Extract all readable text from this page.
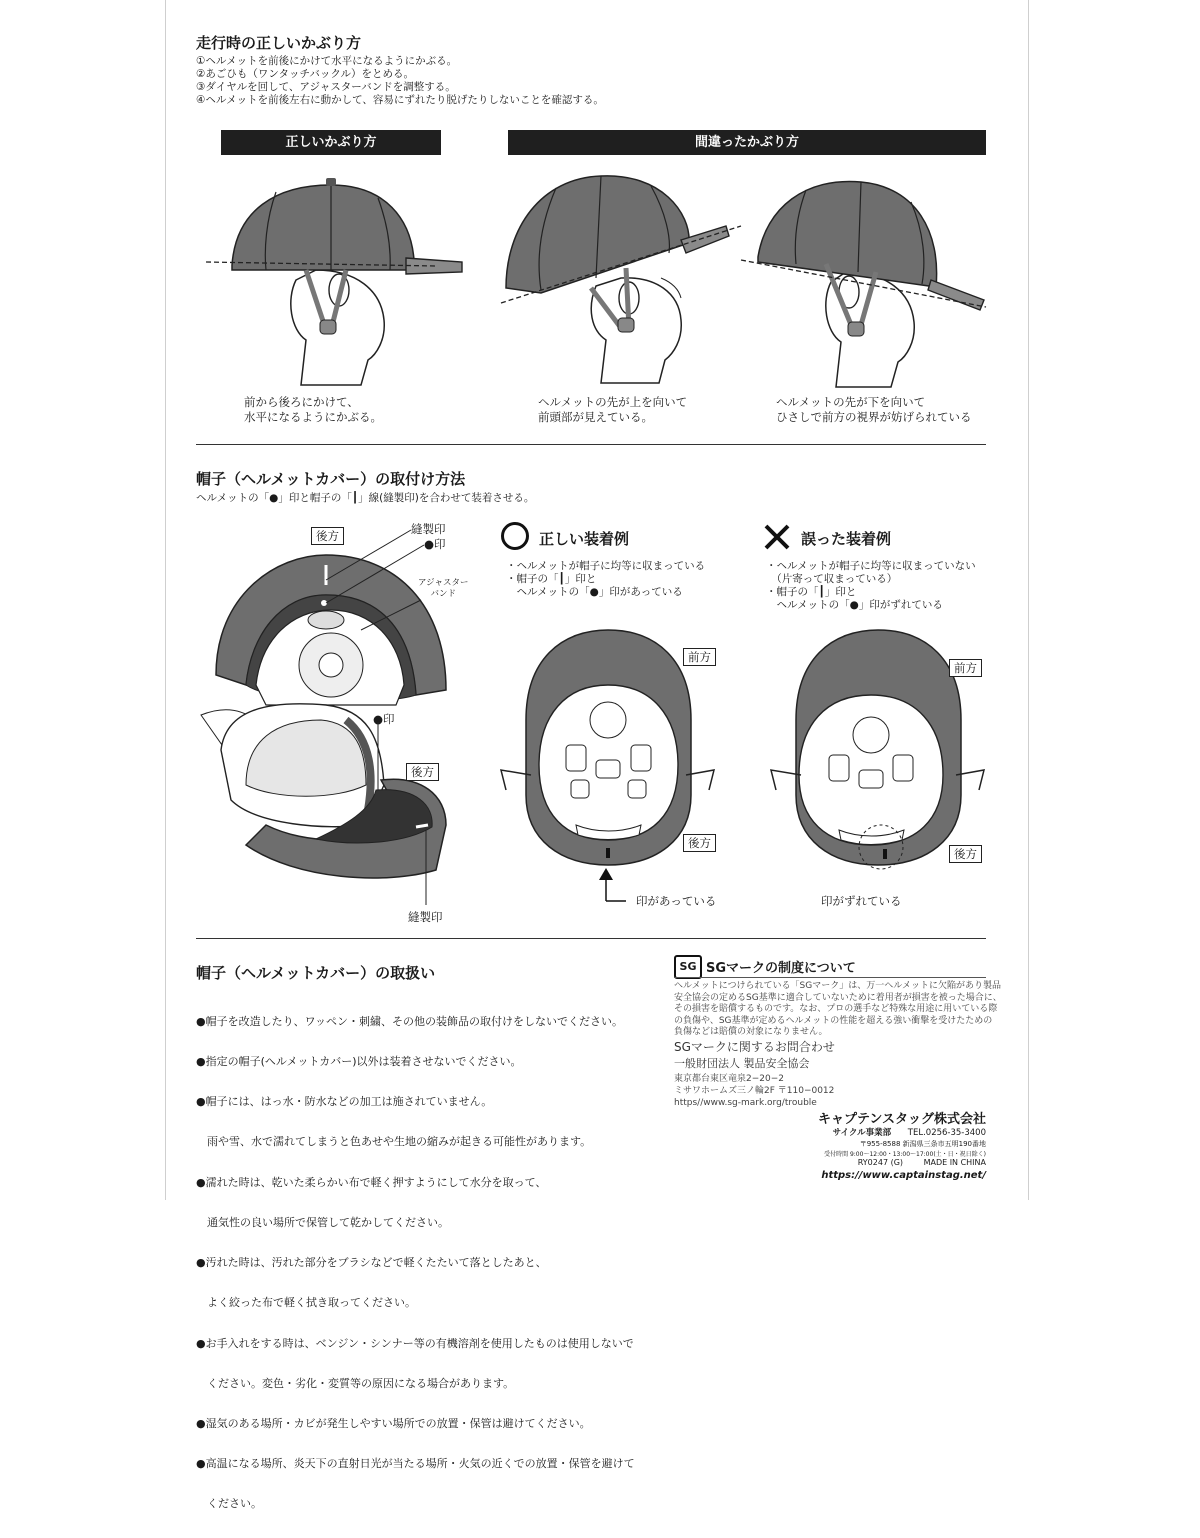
走行時の正しいかぶり方
①ヘルメットを前後にかけて水平になるようにかぶる。
②あごひも（ワンタッチバックル）をとめる。
③ダイヤルを回して、アジャスターバンドを調整する。
④ヘルメットを前後左右に動かして、容易にずれたり脱げたりしないことを確認する。
正しいかぶり方	間違ったかぶり方
前から後ろにかけて、
水平になるようにかぶる。
ヘルメットの先が上を向いて
前頭部が見えている。
ヘルメットの先が下を向いて
ひさしで前方の視界が妨げられている
帽子（ヘルメットカバー）の取付け方法
ヘルメットの「●」印と帽子の「┃」線(縫製印)を合わせて装着させる。
後方	縫製印
●印
アジャスター
バンド
●印
後方
縫製印
正しい装着例
・ヘルメットが帽子に均等に収まっている
・帽子の「┃」印と
　ヘルメットの「●」印があっている
前方
後方
印があっている
誤った装着例
・ヘルメットが帽子に均等に収まっていない
　（片寄って収まっている）
・帽子の「┃」印と
　ヘルメットの「●」印がずれている
前方
後方
印がずれている
帽子（ヘルメットカバー）の取扱い

●帽子を改造したり、ワッペン・刺繍、その他の装飾品の取付けをしないでください。

●指定の帽子(ヘルメットカバー)以外は装着させないでください。

●帽子には、はっ水・防水などの加工は施されていません。

　雨や雪、水で濡れてしまうと色あせや生地の縮みが起きる可能性があります。

●濡れた時は、乾いた柔らかい布で軽く押すようにして水分を取って、

　通気性の良い場所で保管して乾かしてください。

●汚れた時は、汚れた部分をブラシなどで軽くたたいて落としたあと、

　よく絞った布で軽く拭き取ってください。

●お手入れをする時は、ベンジン・シンナー等の有機溶剤を使用したものは使用しないで

　ください。変色・劣化・変質等の原因になる場合があります。

●湿気のある場所・カビが発生しやすい場所での放置・保管は避けてください。

●高温になる場所、炎天下の直射日光が当たる場所・火気の近くでの放置・保管を避けて

　ください。

SG SGマークの制度について
ヘルメットにつけられている「SGマーク」は、万一ヘルメットに欠陥があり製品
安全協会の定めるSG基準に適合していないために着用者が損害を被った場合に、
その損害を賠償するものです。なお、プロの選手など特殊な用途に用いている際
の負傷や、SG基準が定めるヘルメットの性能を超える強い衝撃を受けたための
負傷などは賠償の対象になりません。
SGマークに関するお問合わせ
一般財団法人 製品安全協会
東京都台東区竜泉2−20−2
ミサワホームズ三ノ輪2F 〒110−0012
https//www.sg-mark.org/trouble
キャプテンスタッグ株式会社
サイクル事業部 TEL.0256-35-3400
〒955-8588 新潟県三条市五明190番地
受付時間 9:00〜12:00・13:00〜17:00(土・日・祝日除く)
RY0247 (G)	MADE IN CHINA
https://www.captainstag.net/
